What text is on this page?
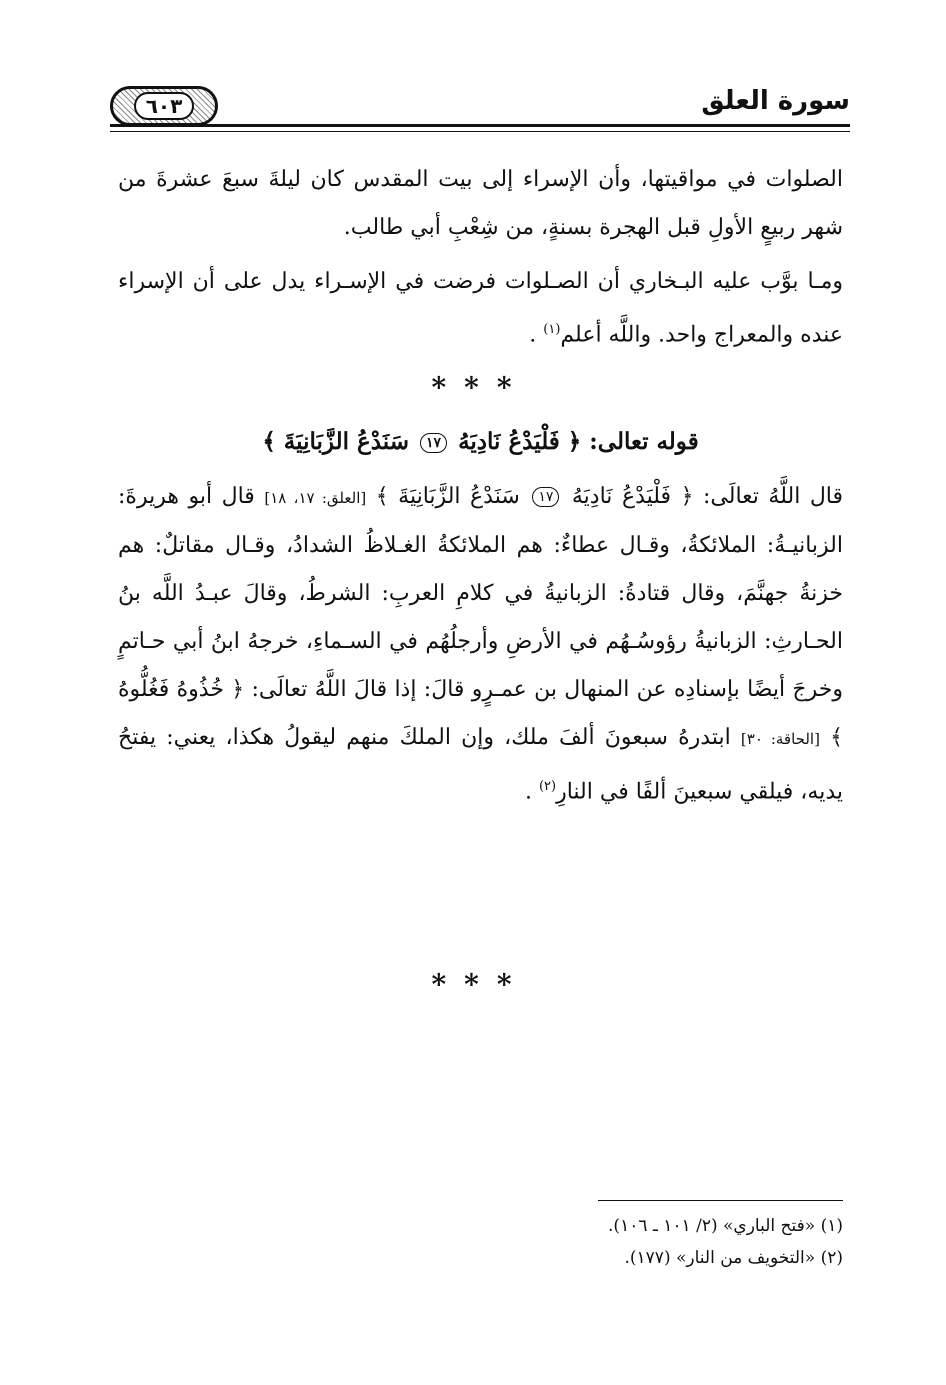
سورة العلق
٦٠٣

الصلوات في مواقيتها، وأن الإسراء إلى بيت المقدس كان ليلةَ سبعَ عشرةَ من شهر ربيعٍ الأولِ قبل الهجرة بسنةٍ، من شِعْبِ أبي طالب.

ومـا بوَّب عليه البـخاري أن الصـلوات فرضت في الإسـراء يدل على أن الإسراء عنده والمعراج واحد. واللَّه أعلم$^{(١)}$ .

***
قوله تعالى: ﴿ فَلْيَدْعُ نَادِيَهُ ١٧ سَنَدْعُ الزَّبَانِيَةَ ﴾

قال اللَّهُ تعالَى: ﴿ فَلْيَدْعُ نَادِيَهُ ١٧ سَنَدْعُ الزَّبَانِيَةَ ﴾ [العلق: ١٧، ١٨] قال أبو هريرةَ: الزبانيـةُ: الملائكةُ، وقـال عطاءٌ: هم الملائكةُ الغـلاظُ الشدادُ، وقـال مقاتلٌ: هم خزنةُ جهنَّمَ، وقال قتادةُ: الزبانيةُ في كلامِ العربِ: الشرطُ، وقالَ عبـدُ اللَّه بنُ الحـارثِ: الزبانيةُ رؤوسُـهُم في الأرضِ وأرجلُهُم في السـماءِ، خرجهُ ابنُ أبي حـاتمٍ وخرجَ أيضًا بإسنادِه عن المنهال بن عمـرٍو قالَ: إذا قالَ اللَّهُ تعالَى: ﴿ خُذُوهُ فَغُلُّوهُ ﴾ [الحاقة: ٣٠] ابتدرهُ سبعونَ ألفَ ملك، وإن الملكَ منهم ليقولُ هكذا، يعني: يفتحُ يديه، فيلقي سبعينَ ألفًا في النارِ$^{(٢)}$ .

***
(١) «فتح الباري» (٢/ ١٠١ ـ ١٠٦).
(٢) «التخويف من النار» (١٧٧).
